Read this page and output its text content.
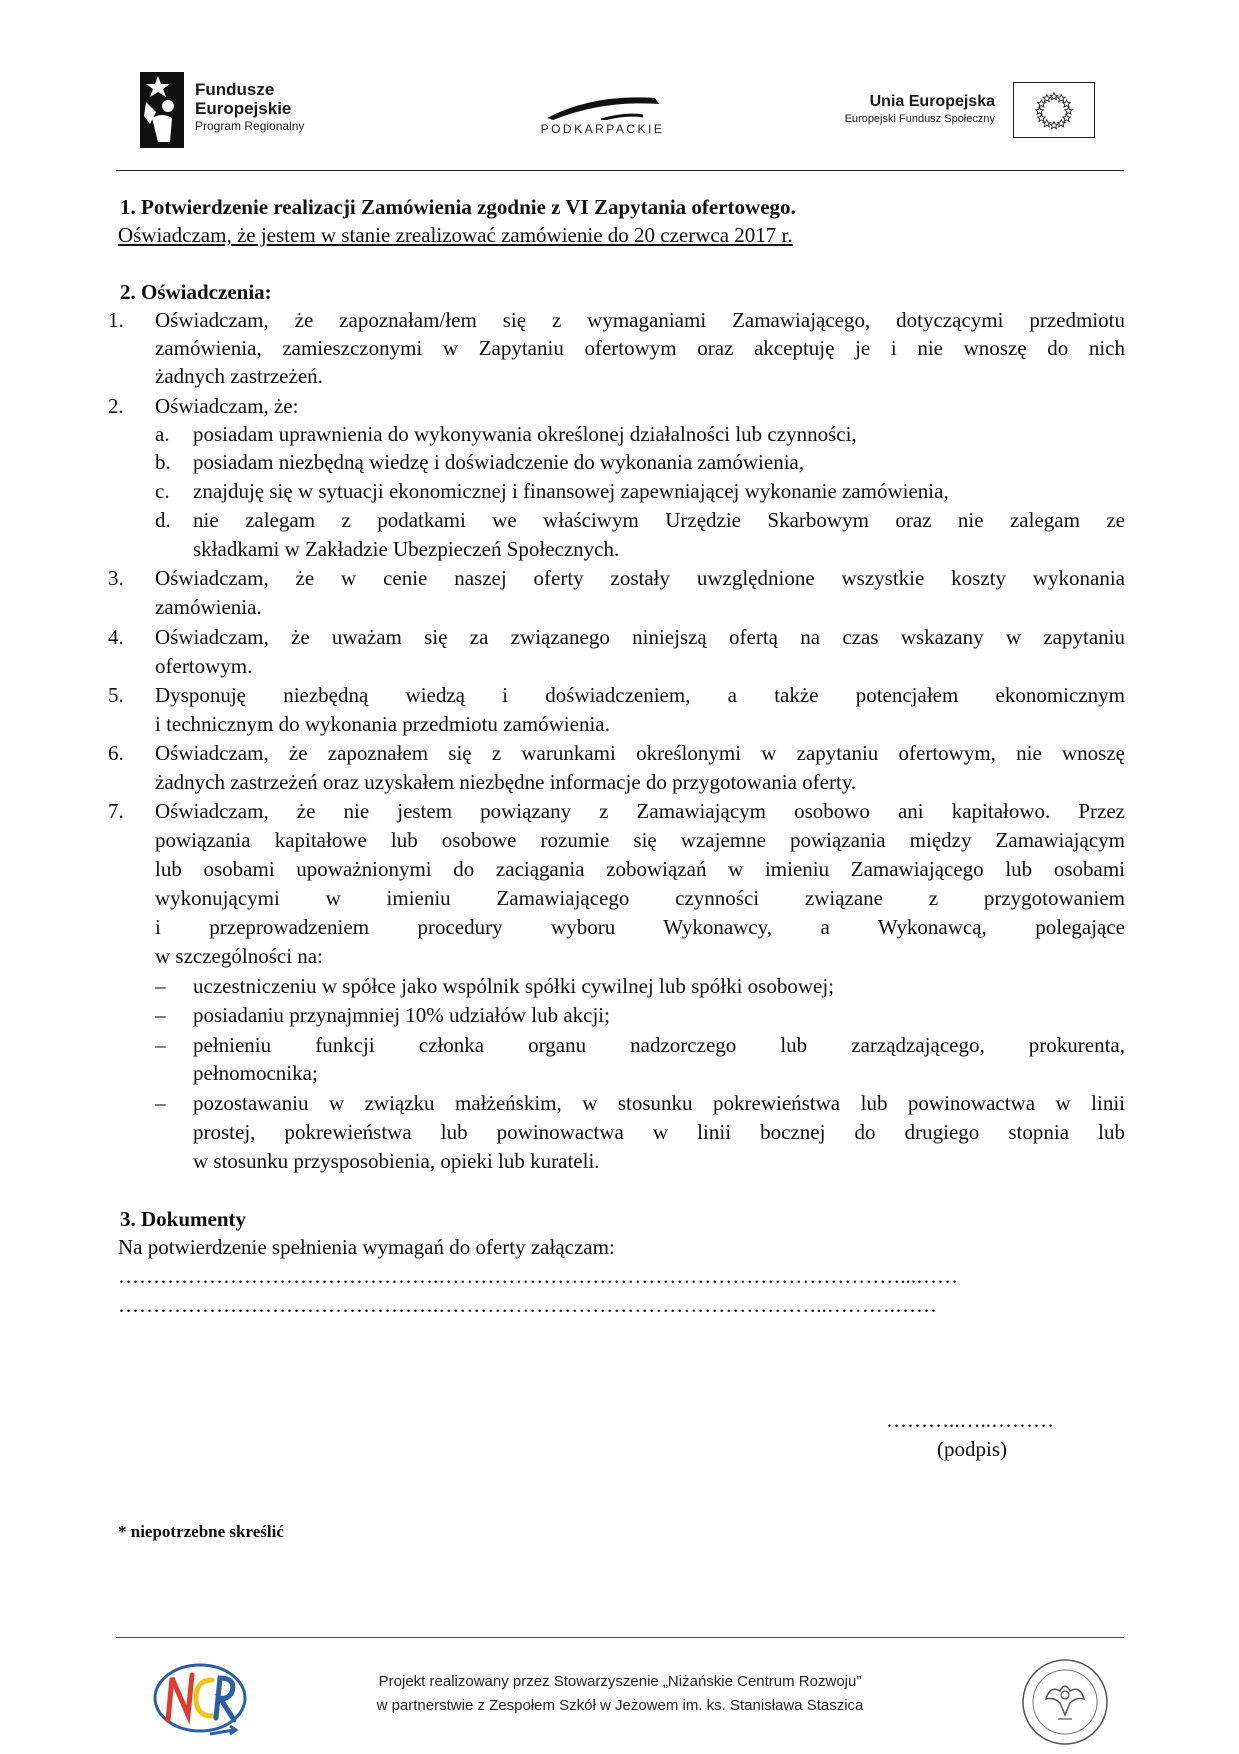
Fundusze
Europejskie
Program Regionalny	PODKARPACKIE
Unia Europejska
Europejski Fundusz Społeczny
1. Potwierdzenie realizacji Zamówienia zgodnie z VI Zapytania ofertowego.
Oświadczam, że jestem w stanie zrealizować zamówienie do 20 czerwca 2017 r.
2. Oświadczenia:
1. Oświadczam, że zapoznałam/łem się z wymaganiami Zamawiającego, dotyczącymi przedmiotu
zamówienia, zamieszczonymi w Zapytaniu ofertowym oraz akceptuję je i nie wnoszę do nich
żadnych zastrzeżeń.
2. Oświadczam, że:
a. posiadam uprawnienia do wykonywania określonej działalności lub czynności,
b. posiadam niezbędną wiedzę i doświadczenie do wykonania zamówienia,
c. znajduję się w sytuacji ekonomicznej i finansowej zapewniającej wykonanie zamówienia,
d. nie zalegam z podatkami we właściwym Urzędzie Skarbowym oraz nie zalegam ze
składkami w Zakładzie Ubezpieczeń Społecznych.
3. Oświadczam, że w cenie naszej oferty zostały uwzględnione wszystkie koszty wykonania
zamówienia.
4. Oświadczam, że uważam się za związanego niniejszą ofertą na czas wskazany w zapytaniu
ofertowym.
5. Dysponuję niezbędną wiedzą i doświadczeniem, a także potencjałem ekonomicznym
i technicznym do wykonania przedmiotu zamówienia.
6. Oświadczam, że zapoznałem się z warunkami określonymi w zapytaniu ofertowym, nie wnoszę
żadnych zastrzeżeń oraz uzyskałem niezbędne informacje do przygotowania oferty.
7. Oświadczam, że nie jestem powiązany z Zamawiającym osobowo ani kapitałowo. Przez
powiązania kapitałowe lub osobowe rozumie się wzajemne powiązania między Zamawiającym
lub osobami upoważnionymi do zaciągania zobowiązań w imieniu Zamawiającego lub osobami
wykonującymi w imieniu Zamawiającego czynności związane z przygotowaniem
i przeprowadzeniem procedury wyboru Wykonawcy, a Wykonawcą, polegające
w szczególności na:
– uczestniczeniu w spółce jako wspólnik spółki cywilnej lub spółki osobowej;
– posiadaniu przynajmniej 10% udziałów lub akcji;
– pełnieniu funkcji członka organu nadzorczego lub zarządzającego, prokurenta,
pełnomocnika;
– pozostawaniu w związku małżeńskim, w stosunku pokrewieństwa lub powinowactwa w linii
prostej, pokrewieństwa lub powinowactwa w linii bocznej do drugiego stopnia lub
w stosunku przysposobienia, opieki lub kurateli.
3. Dokumenty
Na potwierdzenie spełnienia wymagań do oferty załączam:
……………………………………….…………………………………………………………...……
……………………………………….………………………………………………..……….……
………..…..………
(podpis)
* niepotrzebne skreślić
Projekt realizowany przez Stowarzyszenie „Niżańskie Centrum Rozwoju”
w partnerstwie z Zespołem Szkół w Jeżowem im. ks. Stanisława Staszica
